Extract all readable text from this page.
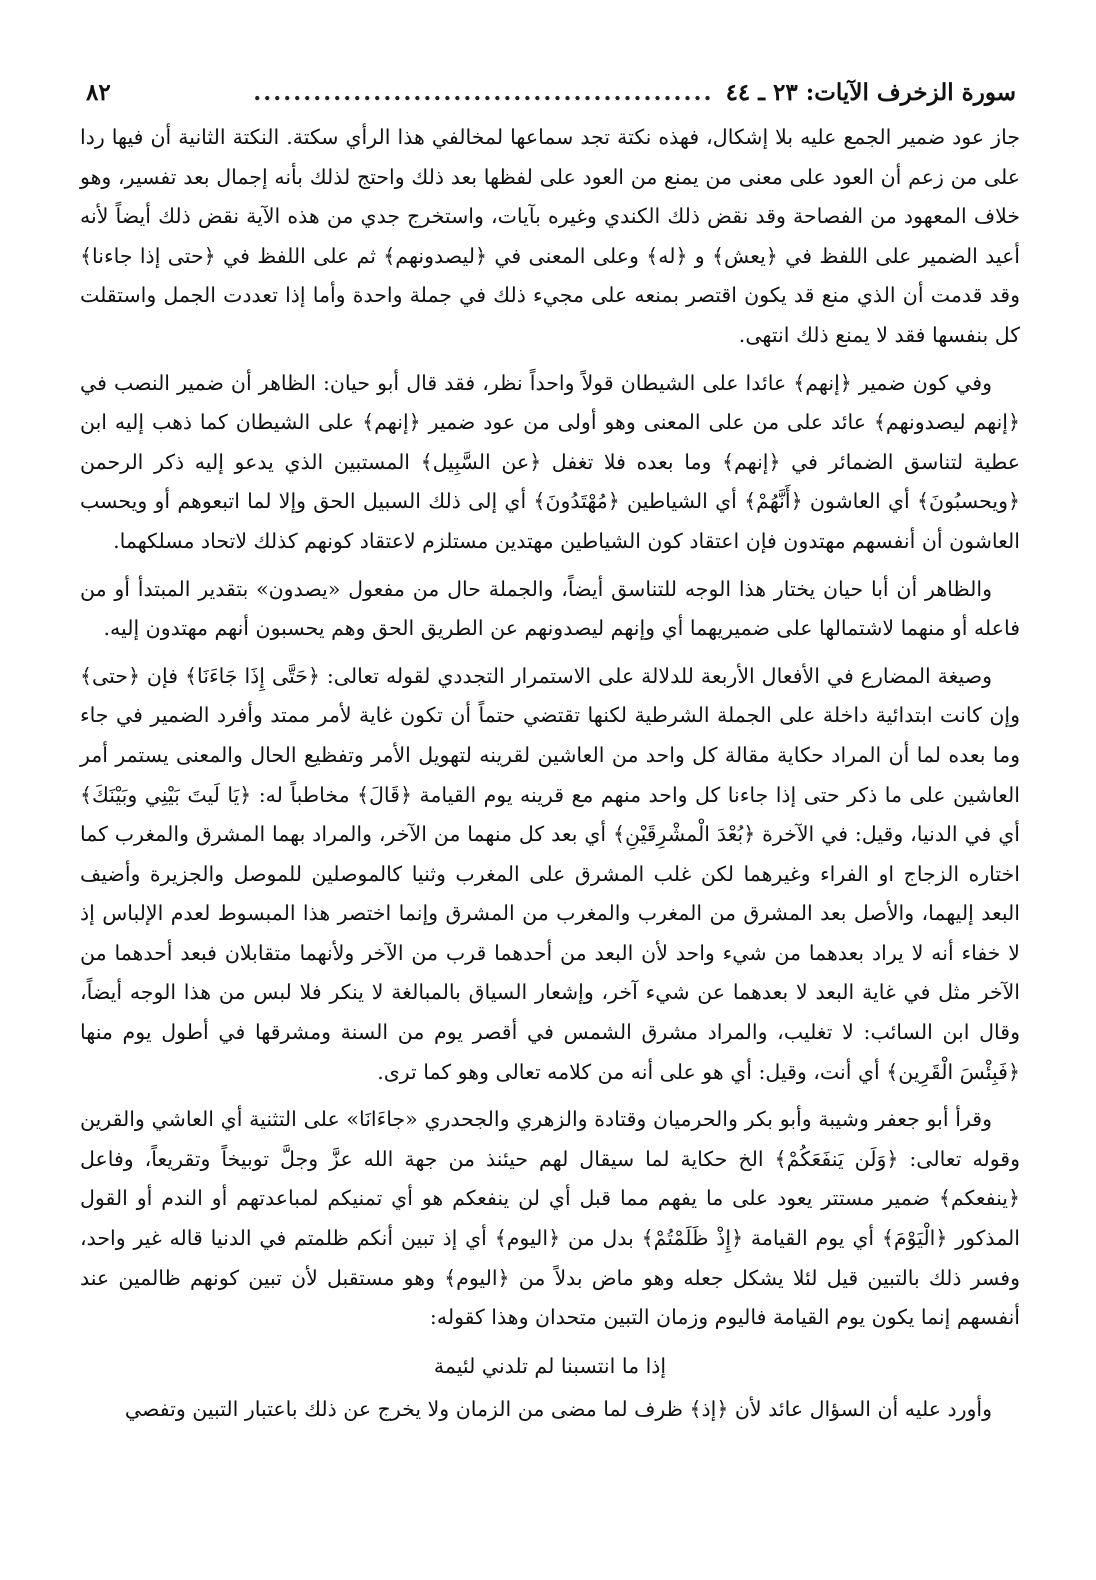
سورة الزخرف الآيات: ٢٣ ـ ٤٤
..............................................
٨٢

جاز عود ضمير الجمع عليه بلا إشكال، فهذه نكتة تجد سماعها لمخالفي هذا الرأي سكتة. النكتة الثانية أن فيها ردا على من زعم أن العود على معنى من يمنع من العود على لفظها بعد ذلك واحتج لذلك بأنه إجمال بعد تفسير، وهو خلاف المعهود من الفصاحة وقد نقض ذلك الكندي وغيره بآيات، واستخرج جدي من هذه الآية نقض ذلك أيضاً لأنه أعيد الضمير على اللفظ في ﴿يعش﴾ و ﴿له﴾ وعلى المعنى في ﴿ليصدونهم﴾ ثم على اللفظ في ﴿حتى إذا جاءنا﴾ وقد قدمت أن الذي منع قد يكون اقتصر بمنعه على مجيء ذلك في جملة واحدة وأما إذا تعددت الجمل واستقلت كل بنفسها فقد لا يمنع ذلك انتهى.

وفي كون ضمير ﴿إنهم﴾ عائدا على الشيطان قولاً واحداً نظر، فقد قال أبو حيان: الظاهر أن ضمير النصب في ﴿إنهم ليصدونهم﴾ عائد على من على المعنى وهو أولى من عود ضمير ﴿إنهم﴾ على الشيطان كما ذهب إليه ابن عطية لتناسق الضمائر في ﴿إنهم﴾ وما بعده فلا تغفل ﴿عن السَّبِيل﴾ المستبين الذي يدعو إليه ذكر الرحمن ﴿ويحسبُونَ﴾ أي العاشون ﴿أَنَّهُمْ﴾ أي الشياطين ﴿مُهْتَدُونَ﴾ أي إلى ذلك السبيل الحق وإلا لما اتبعوهم أو ويحسب العاشون أن أنفسهم مهتدون فإن اعتقاد كون الشياطين مهتدين مستلزم لاعتقاد كونهم كذلك لاتحاد مسلكهما.

والظاهر أن أبا حيان يختار هذا الوجه للتناسق أيضاً، والجملة حال من مفعول «يصدون» بتقدير المبتدأ أو من فاعله أو منهما لاشتمالها على ضميريهما أي وإنهم ليصدونهم عن الطريق الحق وهم يحسبون أنهم مهتدون إليه.

وصيغة المضارع في الأفعال الأربعة للدلالة على الاستمرار التجددي لقوله تعالى: ﴿حَتَّى إِذَا جَاءَنَا﴾ فإن ﴿حتى﴾ وإن كانت ابتدائية داخلة على الجملة الشرطية لكنها تقتضي حتماً أن تكون غاية لأمر ممتد وأفرد الضمير في جاء وما بعده لما أن المراد حكاية مقالة كل واحد من العاشين لقرينه لتهويل الأمر وتفظيع الحال والمعنى يستمر أمر العاشين على ما ذكر حتى إذا جاءنا كل واحد منهم مع قرينه يوم القيامة ﴿قَالَ﴾ مخاطباً له: ﴿يَا لَيتَ بَيْنِي وبَيْنَكَ﴾ أي في الدنيا، وقيل: في الآخرة ﴿بُعْدَ الْمشْرِقَيْنِ﴾ أي بعد كل منهما من الآخر، والمراد بهما المشرق والمغرب كما اختاره الزجاج او الفراء وغيرهما لكن غلب المشرق على المغرب وثنيا كالموصلين للموصل والجزيرة وأضيف البعد إليهما، والأصل بعد المشرق من المغرب والمغرب من المشرق وإنما اختصر هذا المبسوط لعدم الإلباس إذ لا خفاء أنه لا يراد بعدهما من شيء واحد لأن البعد من أحدهما قرب من الآخر ولأنهما متقابلان فبعد أحدهما من الآخر مثل في غاية البعد لا بعدهما عن شيء آخر، وإشعار السياق بالمبالغة لا ينكر فلا لبس من هذا الوجه أيضاً، وقال ابن السائب: لا تغليب، والمراد مشرق الشمس في أقصر يوم من السنة ومشرقها في أطول يوم منها ﴿فَبِئْسَ الْقَرِين﴾ أي أنت، وقيل: أي هو على أنه من كلامه تعالى وهو كما ترى.

وقرأ أبو جعفر وشيبة وأبو بكر والحرميان وقتادة والزهري والجحدري «جاءَانَا» على التثنية أي العاشي والقرين وقوله تعالى: ﴿وَلَن يَنفَعَكُمْ﴾ الخ حكاية لما سيقال لهم حيئنذ من جهة الله عزَّ وجلَّ توبيخاً وتقريعاً، وفاعل ﴿ينفعكم﴾ ضمير مستتر يعود على ما يفهم مما قبل أي لن ينفعكم هو أي تمنيكم لمباعدتهم أو الندم أو القول المذكور ﴿الْيَوْمَ﴾ أي يوم القيامة ﴿إِذْ ظَلَمْتُمْ﴾ بدل من ﴿اليوم﴾ أي إذ تبين أنكم ظلمتم في الدنيا قاله غير واحد، وفسر ذلك بالتبين قيل لئلا يشكل جعله وهو ماض بدلاً من ﴿اليوم﴾ وهو مستقبل لأن تبين كونهم ظالمين عند أنفسهم إنما يكون يوم القيامة فاليوم وزمان التبين متحدان وهذا كقوله:

إذا ما انتسبنا لم تلدني لئيمة

وأورد عليه أن السؤال عائد لأن ﴿إذ﴾ ظرف لما مضى من الزمان ولا يخرج عن ذلك باعتبار التبين وتفصي
